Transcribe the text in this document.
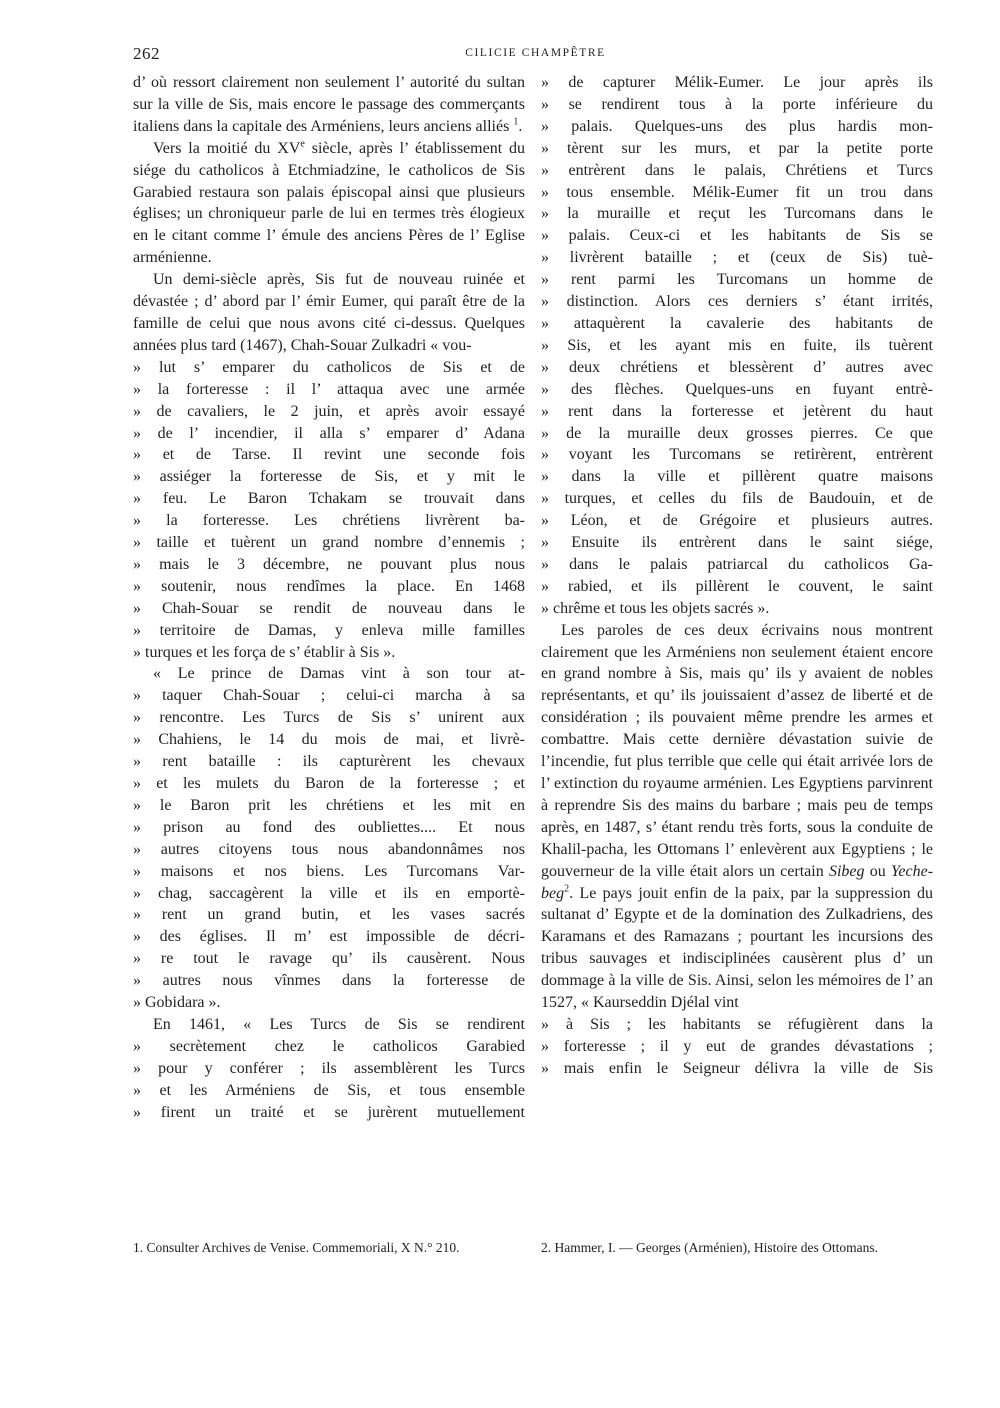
262	CILICIE CHAMPÊTRE

d’ où ressort clairement non seulement l’ autorité du sultan sur la ville de Sis, mais encore le passage des commerçants italiens dans la capitale des Arméniens, leurs anciens alliés $^1$.

Vers la moitié du XVe siècle, après l’ établissement du siége du catholicos à Etchmiadzine, le catholicos de Sis Garabied restaura son palais épiscopal ainsi que plusieurs églises; un chroniqueur parle de lui en termes très élogieux en le citant comme l’ émule des anciens Pères de l’ Eglise arménienne.

Un demi-siècle après, Sis fut de nouveau ruinée et dévastée ; d’ abord par l’ émir Eumer, qui paraît être de la famille de celui que nous avons cité ci-dessus. Quelques années plus tard (1467), Chah-Souar Zulkadri « vou-

» lut s’ emparer du catholicos de Sis et de
» la forteresse : il l’ attaqua avec une armée
» de cavaliers, le 2 juin, et après avoir essayé
» de l’ incendier, il alla s’ emparer d’ Adana
» et de Tarse. Il revint une seconde fois
» assiéger la forteresse de Sis, et y mit le
» feu. Le Baron Tchakam se trouvait dans
» la forteresse. Les chrétiens livrèrent ba-
» taille et tuèrent un grand nombre d’ennemis ;
» mais le 3 décembre, ne pouvant plus nous
» soutenir, nous rendîmes la place. En 1468
» Chah-Souar se rendit de nouveau dans le
» territoire de Damas, y enleva mille familles
» turques et les força de s’ établir à Sis ».

« Le prince de Damas vint à son tour at-

» taquer Chah-Souar ; celui-ci marcha à sa
» rencontre. Les Turcs de Sis s’ unirent aux
» Chahiens, le 14 du mois de mai, et livrè-
» rent bataille : ils capturèrent les chevaux
» et les mulets du Baron de la forteresse ; et
» le Baron prit les chrétiens et les mit en
» prison au fond des oubliettes.... Et nous
» autres citoyens tous nous abandonnâmes nos
» maisons et nos biens. Les Turcomans Var-
» chag, saccagèrent la ville et ils en emportè-
» rent un grand butin, et les vases sacrés
» des églises. Il m’ est impossible de décri-
» re tout le ravage qu’ ils causèrent. Nous
» autres nous vînmes dans la forteresse de
» Gobidara ».

En 1461, « Les Turcs de Sis se rendirent

» secrètement chez le catholicos Garabied
» pour y conférer ; ils assemblèrent les Turcs
» et les Arméniens de Sis, et tous ensemble
» firent un traité et se jurèrent mutuellement
» de capturer Mélik-Eumer. Le jour après ils
» se rendirent tous à la porte inférieure du
» palais. Quelques-uns des plus hardis mon-
» tèrent sur les murs, et par la petite porte
» entrèrent dans le palais, Chrétiens et Turcs
» tous ensemble. Mélik-Eumer fit un trou dans
» la muraille et reçut les Turcomans dans le
» palais. Ceux-ci et les habitants de Sis se
» livrèrent bataille ; et (ceux de Sis) tuè-
» rent parmi les Turcomans un homme de
» distinction. Alors ces derniers s’ étant irrités,
» attaquèrent la cavalerie des habitants de
» Sis, et les ayant mis en fuite, ils tuèrent
» deux chrétiens et blessèrent d’ autres avec
» des flèches. Quelques-uns en fuyant entrè-
» rent dans la forteresse et jetèrent du haut
» de la muraille deux grosses pierres. Ce que
» voyant les Turcomans se retirèrent, entrèrent
» dans la ville et pillèrent quatre maisons
» turques, et celles du fils de Baudouin, et de
» Léon, et de Grégoire et plusieurs autres.
» Ensuite ils entrèrent dans le saint siége,
» dans le palais patriarcal du catholicos Ga-
» rabied, et ils pillèrent le couvent, le saint
» chrême et tous les objets sacrés ».

Les paroles de ces deux écrivains nous montrent clairement que les Arméniens non seulement étaient encore en grand nombre à Sis, mais qu’ ils y avaient de nobles représentants, et qu’ ils jouissaient d’assez de liberté et de considération ; ils pouvaient même prendre les armes et combattre. Mais cette dernière dévastation suivie de l’incendie, fut plus terrible que celle qui était arrivée lors de l’ extinction du royaume arménien. Les Egyptiens parvinrent à reprendre Sis des mains du barbare ; mais peu de temps après, en 1487, s’ étant rendu très forts, sous la conduite de Khalil-pacha, les Ottomans l’ enlevèrent aux Egyptiens ; le gouverneur de la ville était alors un certain Sibeg ou Yeche-beg$^2$. Le pays jouit enfin de la paix, par la suppression du sultanat d’ Egypte et de la domination des Zulkadriens, des Karamans et des Ramazans ; pourtant les incursions des tribus sauvages et indisciplinées causèrent plus d’ un dommage à la ville de Sis. Ainsi, selon les mémoires de l’ an 1527, « Kaurseddin Djélal vint

» à Sis ; les habitants se réfugièrent dans la
» forteresse ; il y eut de grandes dévastations ;
» mais enfin le Seigneur délivra la ville de Sis
1. Consulter Archives de Venise. Commemoriali, X N.° 210.	2. Hammer, I. — Georges (Arménien), Histoire des Ottomans.
